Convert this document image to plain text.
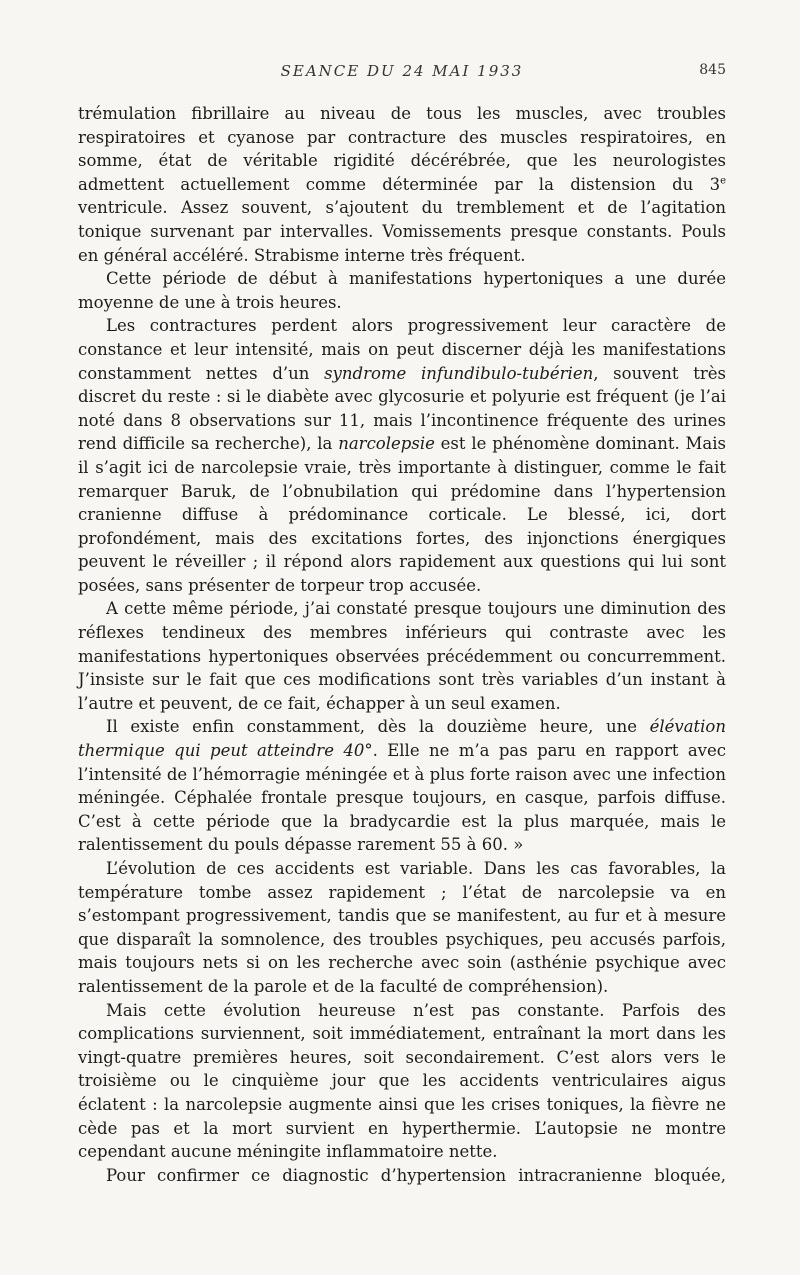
SEANCE DU 24 MAI 1933	845

trémulation fibrillaire au niveau de tous les muscles, avec troubles respiratoires et cyanose par contracture des muscles respiratoires, en somme, état de véritable rigidité décérébrée, que les neurologistes admettent actuellement comme déterminée par la distension du 3e ventricule. Assez souvent, s’ajoutent du tremblement et de l’agitation tonique survenant par intervalles. Vomissements presque constants. Pouls en général accéléré. Strabisme interne très fréquent.

Cette période de début à manifestations hypertoniques a une durée moyenne de une à trois heures.

Les contractures perdent alors progressivement leur caractère de constance et leur intensité, mais on peut discerner déjà les manifestations constamment nettes d’un syndrome infundibulo-tubérien, souvent très discret du reste : si le diabète avec glycosurie et polyurie est fréquent (je l’ai noté dans 8 observations sur 11, mais l’incontinence fréquente des urines rend difficile sa recherche), la narcolepsie est le phénomène dominant. Mais il s’agit ici de narcolepsie vraie, très importante à distinguer, comme le fait remarquer Baruk, de l’obnubilation qui prédomine dans l’hypertension cranienne diffuse à prédominance corticale. Le blessé, ici, dort profondément, mais des excitations fortes, des injonctions énergiques peuvent le réveiller ; il répond alors rapidement aux questions qui lui sont posées, sans présenter de torpeur trop accusée.

A cette même période, j’ai constaté presque toujours une diminution des réflexes tendineux des membres inférieurs qui contraste avec les manifestations hypertoniques observées précédemment ou concurremment. J’insiste sur le fait que ces modifications sont très variables d’un instant à l’autre et peuvent, de ce fait, échapper à un seul examen.

Il existe enfin constamment, dès la douzième heure, une élévation thermique qui peut atteindre 40°. Elle ne m’a pas paru en rapport avec l’intensité de l’hémorragie méningée et à plus forte raison avec une infection méningée. Céphalée frontale presque toujours, en casque, parfois diffuse. C’est à cette période que la bradycardie est la plus marquée, mais le ralentissement du pouls dépasse rarement 55 à 60. »

L’évolution de ces accidents est variable. Dans les cas favorables, la température tombe assez rapidement ; l’état de narcolepsie va en s’estompant progressivement, tandis que se manifestent, au fur et à mesure que disparaît la somnolence, des troubles psychiques, peu accusés parfois, mais toujours nets si on les recherche avec soin (asthénie psychique avec ralentissement de la parole et de la faculté de compréhension).

Mais cette évolution heureuse n’est pas constante. Parfois des complications surviennent, soit immédiatement, entraînant la mort dans les vingt-quatre premières heures, soit secondairement. C’est alors vers le troisième ou le cinquième jour que les accidents ventriculaires aigus éclatent : la narcolepsie augmente ainsi que les crises toniques, la fièvre ne cède pas et la mort survient en hyperthermie. L’autopsie ne montre cependant aucune méningite inflammatoire nette.

Pour confirmer ce diagnostic d’hypertension intracranienne bloquée,
